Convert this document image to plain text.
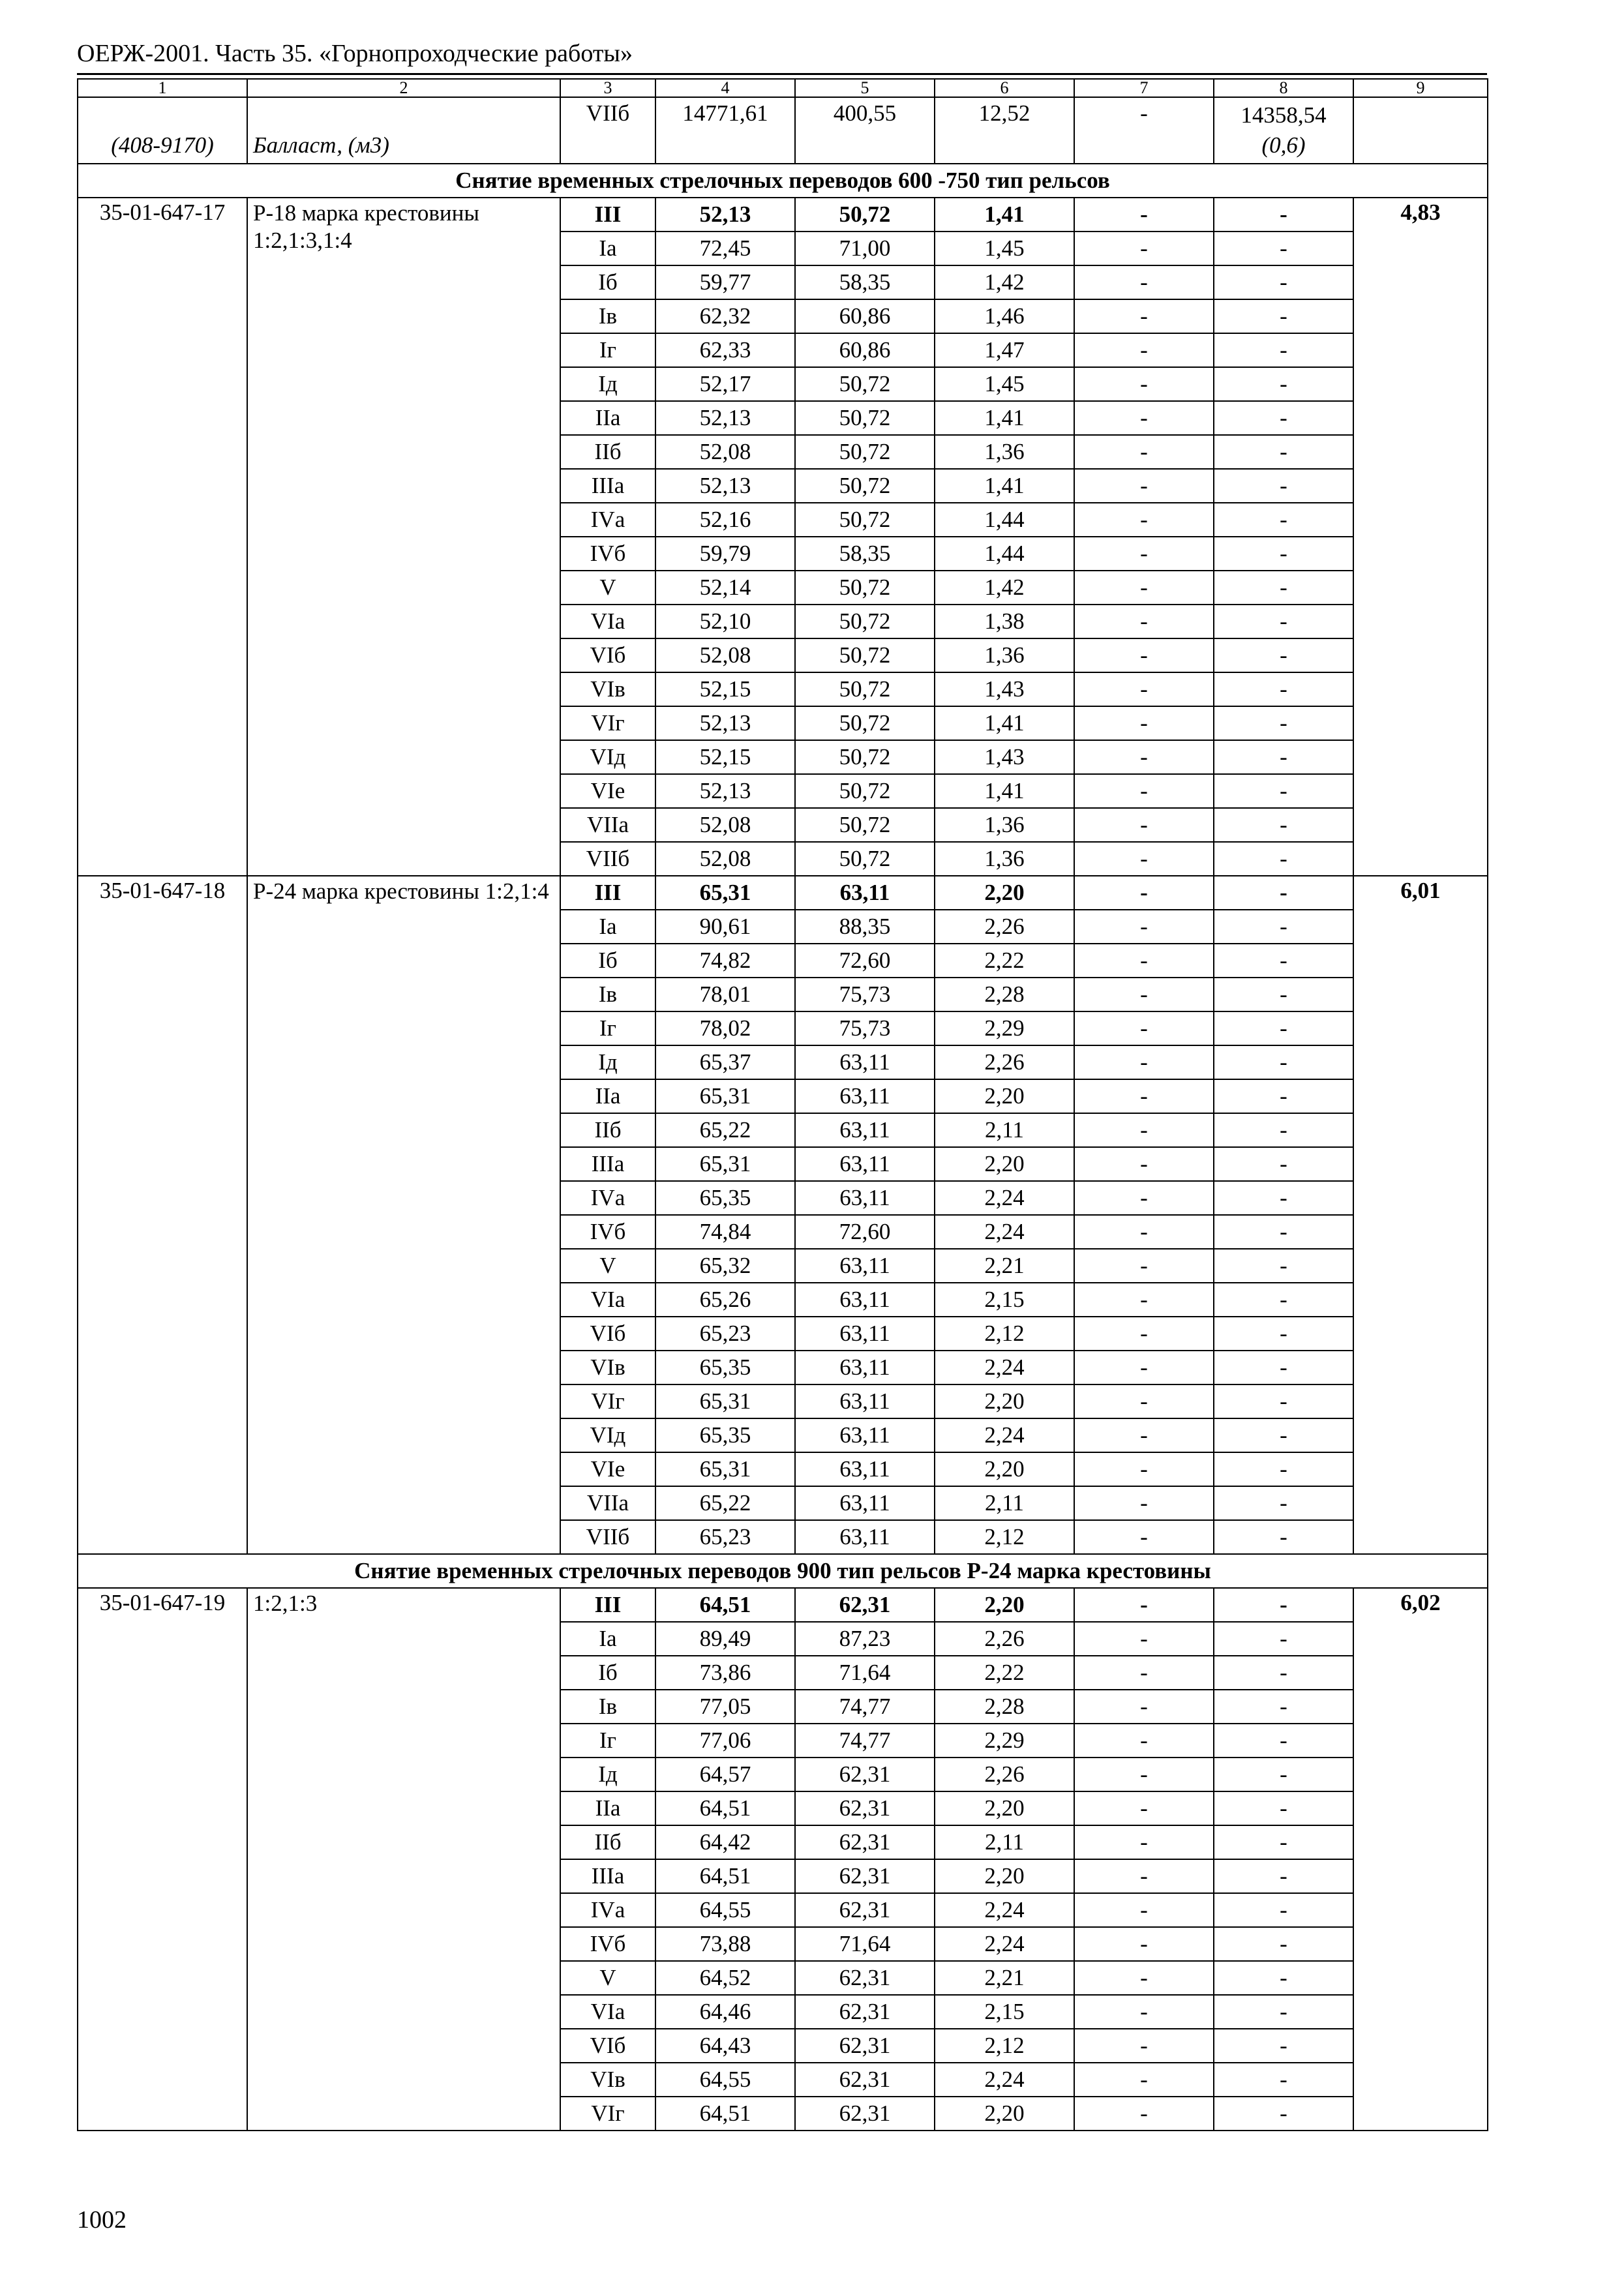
ОЕРЖ-2001. Часть 35. «Горнопроходческие работы»
1	2	3	4	5	6	7	8	9

(408-9170)	Балласт, (м3)	VIIб	14771,61	400,55	12,52	-	14358,54
(0,6)	

Снятие временных стрелочных переводов 600 -750 тип рельсов								
35-01-647-17	Р-18 марка крестовины 1:2,1:3,1:4	III	52,13	50,72	1,41	-	-	4,83
		Iа	72,45	71,00	1,45	-	-	
		Iб	59,77	58,35	1,42	-	-	
		Iв	62,32	60,86	1,46	-	-	
		Iг	62,33	60,86	1,47	-	-	
		Iд	52,17	50,72	1,45	-	-	
		IIа	52,13	50,72	1,41	-	-	
		IIб	52,08	50,72	1,36	-	-	
		IIIа	52,13	50,72	1,41	-	-	
		IVа	52,16	50,72	1,44	-	-	
		IVб	59,79	58,35	1,44	-	-	
		V	52,14	50,72	1,42	-	-	
		VIа	52,10	50,72	1,38	-	-	
		VIб	52,08	50,72	1,36	-	-	
		VIв	52,15	50,72	1,43	-	-	
		VIг	52,13	50,72	1,41	-	-	
		VIд	52,15	50,72	1,43	-	-	
		VIе	52,13	50,72	1,41	-	-	
		VIIа	52,08	50,72	1,36	-	-	
		VIIб	52,08	50,72	1,36	-	-	
35-01-647-18	Р-24 марка крестовины 1:2,1:4	III	65,31	63,11	2,20	-	-	6,01
		Iа	90,61	88,35	2,26	-	-	
		Iб	74,82	72,60	2,22	-	-	
		Iв	78,01	75,73	2,28	-	-	
		Iг	78,02	75,73	2,29	-	-	
		Iд	65,37	63,11	2,26	-	-	
		IIа	65,31	63,11	2,20	-	-	
		IIб	65,22	63,11	2,11	-	-	
		IIIа	65,31	63,11	2,20	-	-	
		IVа	65,35	63,11	2,24	-	-	
		IVб	74,84	72,60	2,24	-	-	
		V	65,32	63,11	2,21	-	-	
		VIа	65,26	63,11	2,15	-	-	
		VIб	65,23	63,11	2,12	-	-	
		VIв	65,35	63,11	2,24	-	-	
		VIг	65,31	63,11	2,20	-	-	
		VIд	65,35	63,11	2,24	-	-	
		VIе	65,31	63,11	2,20	-	-	
		VIIа	65,22	63,11	2,11	-	-	
		VIIб	65,23	63,11	2,12	-	-	
Снятие временных стрелочных переводов 900 тип рельсов Р-24 марка крестовины								
35-01-647-19	1:2,1:3	III	64,51	62,31	2,20	-	-	6,02
		Iа	89,49	87,23	2,26	-	-	
		Iб	73,86	71,64	2,22	-	-	
		Iв	77,05	74,77	2,28	-	-	
		Iг	77,06	74,77	2,29	-	-	
		Iд	64,57	62,31	2,26	-	-	
		IIа	64,51	62,31	2,20	-	-	
		IIб	64,42	62,31	2,11	-	-	
		IIIа	64,51	62,31	2,20	-	-	
		IVа	64,55	62,31	2,24	-	-	
		IVб	73,88	71,64	2,24	-	-	
		V	64,52	62,31	2,21	-	-	
		VIа	64,46	62,31	2,15	-	-	
		VIб	64,43	62,31	2,12	-	-	
		VIв	64,55	62,31	2,24	-	-	
		VIг	64,51	62,31	2,20	-	-	
1002
